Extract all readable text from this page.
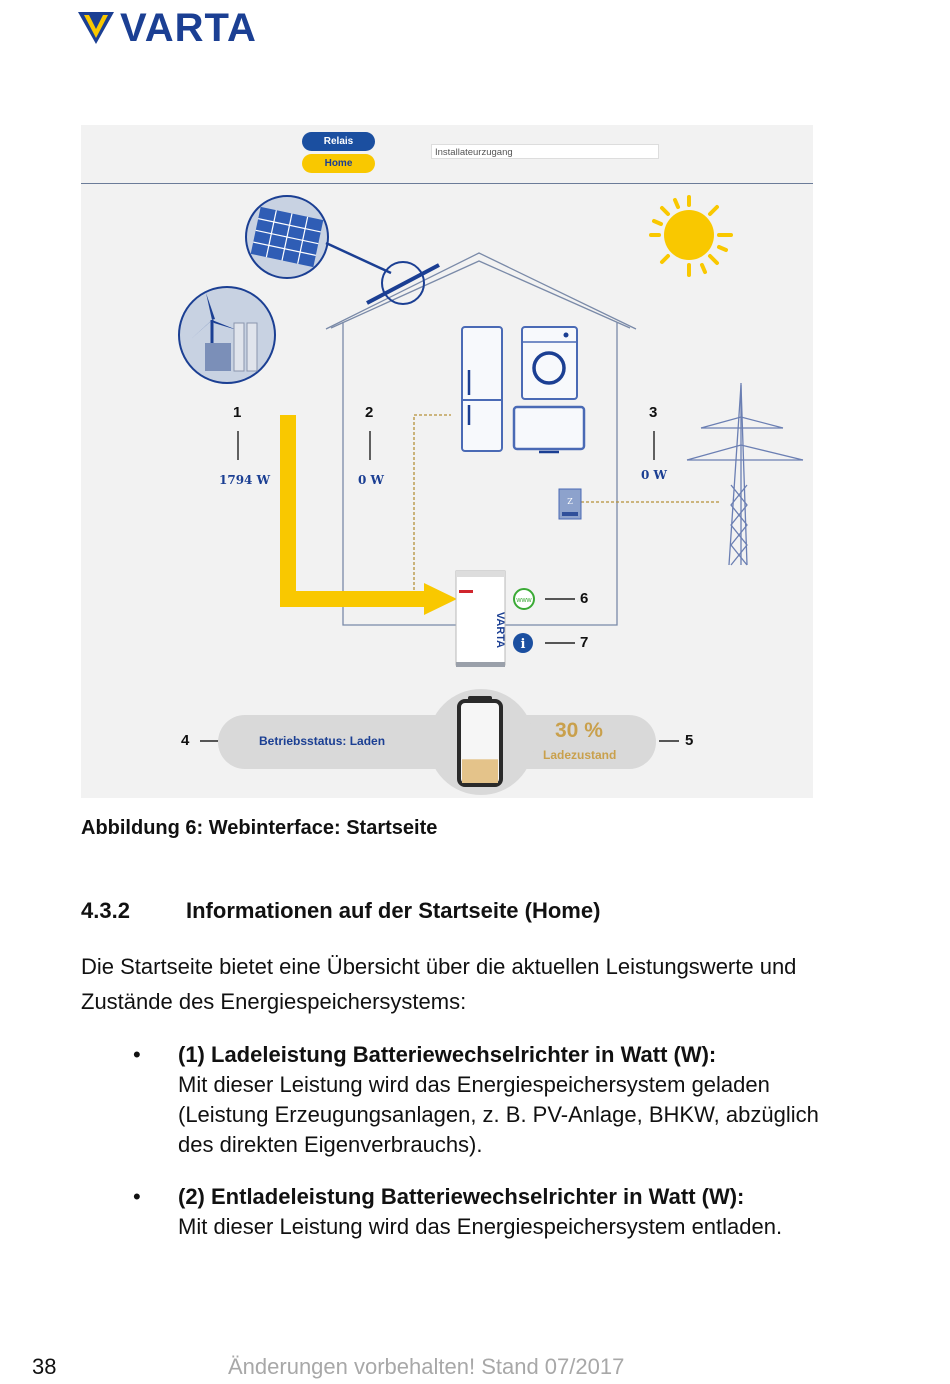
VARTA
Relais
Home
Installateurzugang
Z
VARTA
www
i
1	2	3
4	5
6
7
1794 W	0 W	0 W
Betriebsstatus: Laden	30 %
Ladezustand
Abbildung 6: Webinterface: Startseite
4.3.2	Informationen auf der Startseite (Home)
Die Startseite bietet eine Übersicht über die aktuellen Leistungswerte und Zustände des Energiespeichersystems:
• (1) Ladeleistung Batteriewechselrichter in Watt (W):
Mit dieser Leistung wird das Energiespeichersystem geladen (Leistung Erzeugungsanlagen, z. B. PV-Anlage, BHKW, abzüglich des direkten Eigenverbrauchs).
• (2) Entladeleistung Batteriewechselrichter in Watt (W):
Mit dieser Leistung wird das Energiespeichersystem entladen.
38	Änderungen vorbehalten! Stand 07/2017
